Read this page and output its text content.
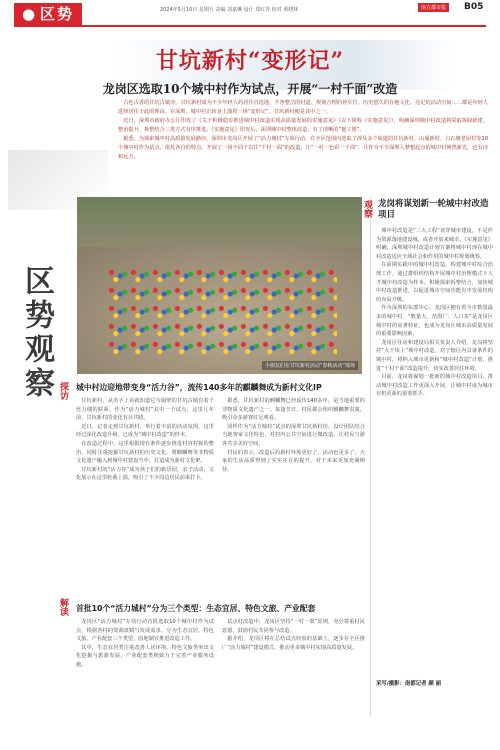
● 区势	2024年5月10日 星期五 责编 刘嘉琳 设计 郑红青 校对 黄晓林	南方都市报	B05
甘坑新村“变形记”
龙岗区选取10个城中村作为试点，开展“一村千面”改造

古色古香的甘坑古镇旁，甘坑新村成为不少年轻人的居住首选地，不净整洁的村道、规划合理的停车位、历史悠久的在地文化、亮足的活动空间……都是年轻人选择居住于此的理由。在深圳，城中村正转身上演着一场“变形记”，甘坑新村便是其中之一。

近日，深圳市政府办公厅印发了《关于积极稳步推进城中村改造实现高质量发展的实施意见》（以下简称《实施意见》），明确深圳城中村改造将采取拆除新建、整治提升、拆整结合三类方式有序推进。《实施意见》印发后，深圳城中村整体改造，有了清晰的“施工图”。

据悉，为探索城中村高质量发展路径，深圳市龙岗区开展了“活力城村”专项行动，在全区范围内选取了涉及多个街道的甘坑新村、山厦新村、白石塘老屋村等10个城中村作为试点，依托各自的特点，开展了一场不同于以往“千村一面”的改造，让“一村一色彩一千面”，让作为不少深圳人梦想起点的城中村焕然新光，也有诗和远方。

区势观察	小朋友们在甘坑新村活动“春秋活动”现场
观察 龙岗将谋划新一轮城中村改造项目

城中村改造是“三大工程”该穿城市建设，不是作为资源落地建设城，或者开放来城市。《实施意见》明确，深圳城中村改造计划方案将城中村现在城中村改造适应全域社会和作用的城中村规划统筹。

在前期实践中的城中村改造，构建城中村综合治理工作，通过群组织结构开展城中村治理模式下人才城中村改造为样本，积极探索拆整结合，加快城中村改造推进，以促进城市空间功能有序发展结构的布局升级。

作为深圳的东部中心，龙岗区拥有着全市数量最多的城中村。“数量大、范围广、人口多”是龙岗区城中村的显著特征，也成为龙岗区城市高质量发展的重要影响因素。

龙岗区住房和建设局相关负责人介绍，龙岗将坚持“大干快上”城中村改造，对于辖区内具备条件的城中村，将纳入城市更新和“城中村改造”计划，推进“千村千面”改造提升，切实改善居住环境。

目前，龙岗将谋划一批新的城中村改造项目，推动城中村改造工作更深入开展，让城中村成为城市有机更新的重要抓手。

探访 城中村边迎地带变身“活力谷”，流传140多年的麒麟舞成为新村文化IP

甘坑新村，从名字上看就知道它与隔壁的甘坑古镇有着千丝万缕的联系。作为“活力城村”其中一个试点，这里几年前，甘坑新村的变化有目共睹。

近日，记者走到甘坑新村，举行着丰富的活动氛围，这里经过深化改造升级，已成为“城中村改造”的样本。

在改造过程中，这里根据现有条件逐步推进村容村貌的整治，同时注重挖掘甘坑新村的历史文化，将麒麟舞等非物质文化遗产融入到城中村建设当中，打造成为新村文化IP。

甘坑新村的“活力谷”成为孩子们的新乐园，亲子活动、文化展示在这里轮番上演，吸引了不少周边居民前来打卡。

据悉，甘坑新村的麒麟舞已经流传140多年，是当地重要的非物质文化遗产之一。每逢节日，村民都会组织麒麟舞表演，吸引众多游客驻足观看。

同样作为“活力城村”试点的深圳甘坑新村坊，设计团队结合当地客家文化特色，对村内公共空间进行微改造，让村民与游客共享美好空间。

村民们表示，改造后的新村环境更好了，活动也更多了，大家的生活品质得到了实实在在的提升，对于未来更加充满期待。

解读 首批10个“活力城村”分为三个类型：生态宜居、特色文旅、产业配套

龙岗区“活力城村”专项行动首批选取10个城中村作为试点，根据各村的资源禀赋与发展需求，分为生态宜居、特色文旅、产业配套三个类型，因地制宜推进改造工作。

其中，生态宜居类注重改善人居环境，特色文旅类突出文化挖掘与旅游发展，产业配套类则致力于完善产业服务设施。

试点村改造中，龙岗区坚持“一村一策”原则，充分尊重村民意愿，鼓励村民共同参与改造。

据介绍，龙岗区将在总结试点经验的基础上，逐步在全区推广“活力城村”建设模式，推动更多城中村实现高质量发展。

采写/摄影：南都记者 颜 丽
